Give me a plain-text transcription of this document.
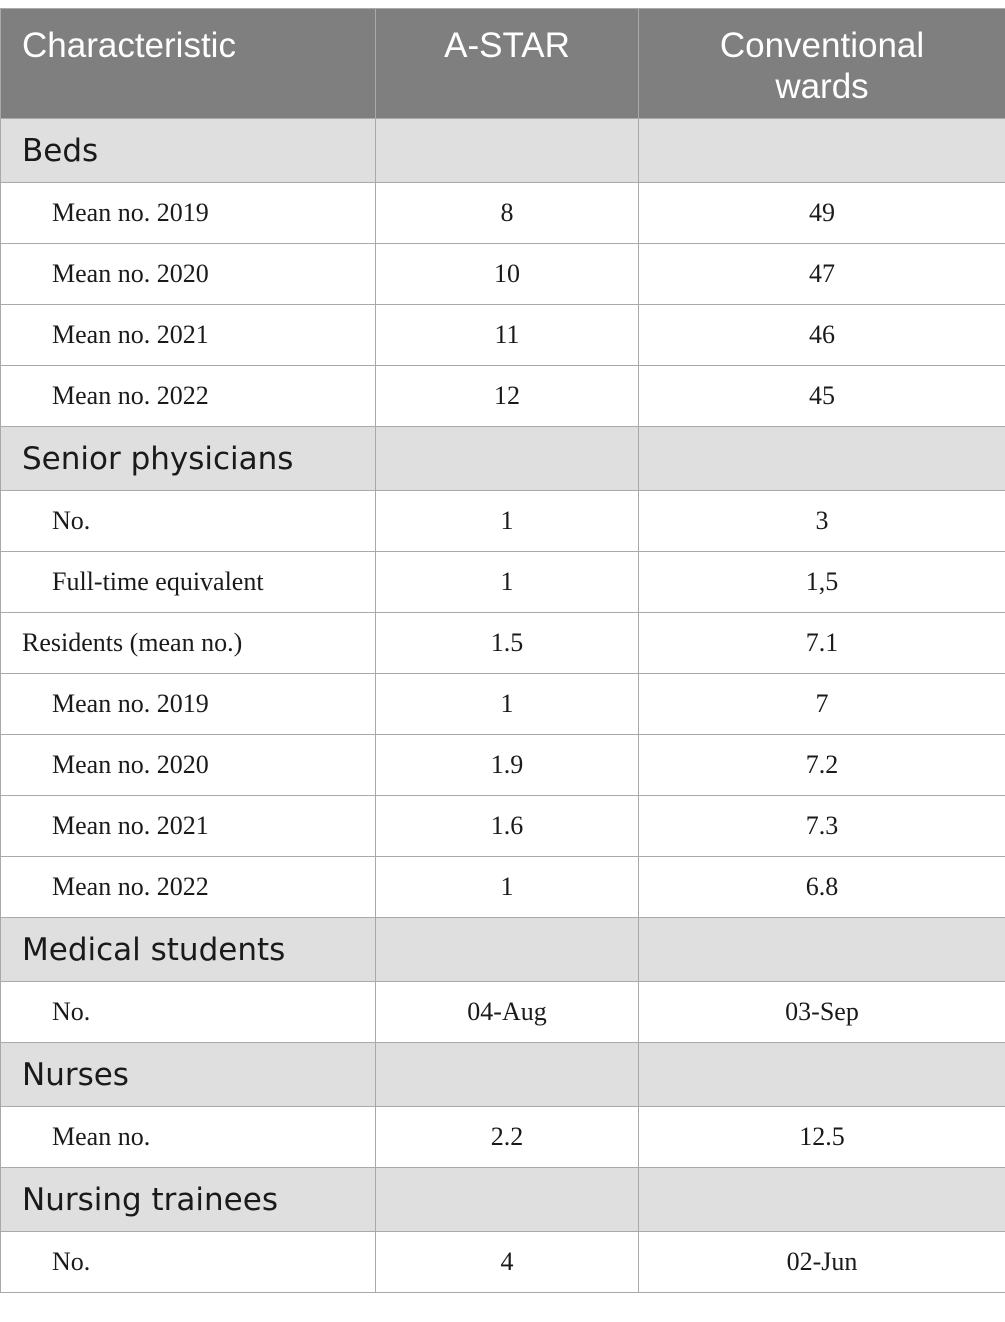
Characteristic	A-STAR	Conventional
wards
Beds		
Mean no. 2019	8	49
Mean no. 2020	10	47
Mean no. 2021	11	46
Mean no. 2022	12	45
Senior physicians		
No.	1	3
Full-time equivalent	1	1,5
Residents (mean no.)	1.5	7.1
Mean no. 2019	1	7
Mean no. 2020	1.9	7.2
Mean no. 2021	1.6	7.3
Mean no. 2022	1	6.8
Medical students		
No.	04-Aug	03-Sep
Nurses		
Mean no.	2.2	12.5
Nursing trainees		
No.	4	02-Jun
